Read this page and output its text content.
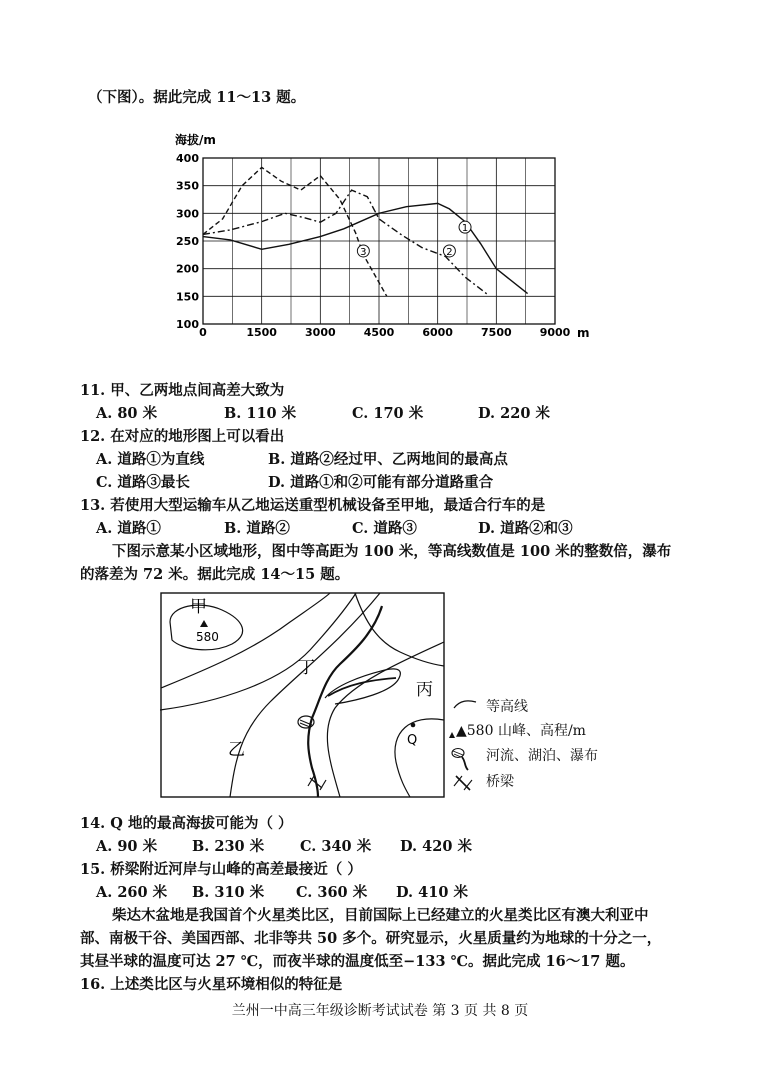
（下图）。据此完成 11～13 题。
海拔/m
1
2
3
0	1500	3000	4500	6000	7500	9000
400
350
300
250
200
150
100
m
11. 甲、乙两地点间高差大致为
A. 80 米	B. 110 米	C. 170 米	D. 220 米
12. 在对应的地形图上可以看出
A. 道路①为直线	B. 道路②经过甲、乙两地间的最高点
C. 道路③最长	D. 道路①和②可能有部分道路重合
13. 若使用大型运输车从乙地运送重型机械设备至甲地，最适合行车的是
A. 道路①	B. 道路②	C. 道路③	D. 道路②和③
下图示意某小区域地形，图中等高距为 100 米，等高线数值是 100 米的整数倍，瀑布
的落差为 72 米。据此完成 14～15 题。
甲
580
丁
丙
乙	Q
等高线
▲580 山峰、高程/m
河流、湖泊、瀑布
桥梁
14. Q 地的最高海拔可能为（ ）
A. 90 米 B. 230 米 C. 340 米 D. 420 米
15. 桥梁附近河岸与山峰的高差最接近（ ）
A. 260 米 B. 310 米 C. 360 米 D. 410 米
柴达木盆地是我国首个火星类比区，目前国际上已经建立的火星类比区有澳大利亚中
部、南极干谷、美国西部、北非等共 50 多个。研究显示，火星质量约为地球的十分之一，
其昼半球的温度可达 27 ℃，而夜半球的温度低至−133 ℃。据此完成 16～17 题。
16. 上述类比区与火星环境相似的特征是
兰州一中高三年级诊断考试试卷 第 3 页 共 8 页
